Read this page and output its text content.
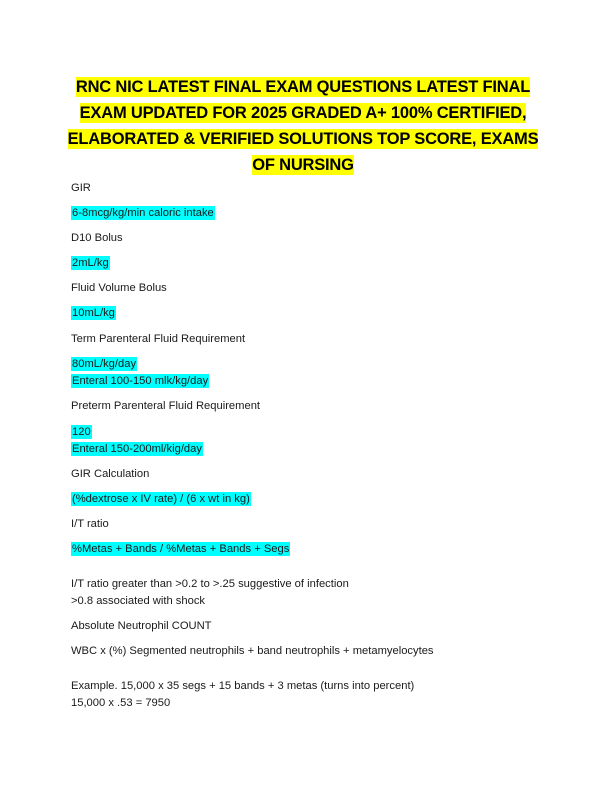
RNC NIC LATEST FINAL EXAM QUESTIONS LATEST FINAL EXAM UPDATED FOR 2025 GRADED A+ 100% CERTIFIED, ELABORATED & VERIFIED SOLUTIONS TOP SCORE, EXAMS OF NURSING
GIR
6-8mcg/kg/min caloric intake
D10 Bolus
2mL/kg
Fluid Volume Bolus
10mL/kg
Term Parenteral Fluid Requirement
80mL/kg/day
Enteral 100-150 mlk/kg/day
Preterm Parenteral Fluid Requirement
120
Enteral 150-200ml/kig/day
GIR Calculation
(%dextrose x IV rate) / (6 x wt in kg)
I/T ratio
%Metas + Bands / %Metas + Bands + Segs
I/T ratio greater than >0.2 to >.25 suggestive of infection
>0.8 associated with shock
Absolute Neutrophil COUNT
WBC x (%) Segmented neutrophils + band neutrophils + metamyelocytes
Example. 15,000 x 35 segs + 15 bands + 3 metas (turns into percent)
15,000 x .53 = 7950
